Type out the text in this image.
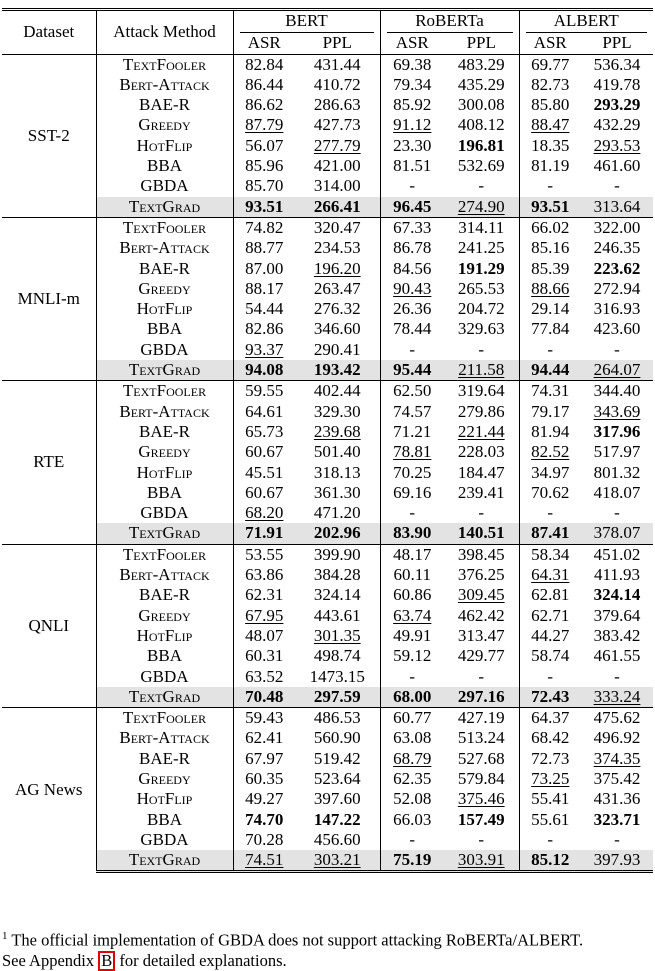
Dataset	Attack Method	BERT		RoBERTa		ALBERT	

		ASR	PPL	ASR	PPL	ASR	PPL
SST-2	TextFooler	82.84	431.44	69.38	483.29	69.77	536.34
	Bert-Attack	86.44	410.72	79.34	435.29	82.73	419.78
	BAE-R	86.62	286.63	85.92	300.08	85.80	293.29
	Greedy	87.79	427.73	91.12	408.12	88.47	432.29
	HotFlip	56.07	277.79	23.30	196.81	18.35	293.53
	BBA	85.96	421.00	81.51	532.69	81.19	461.60
	GBDA	85.70	314.00	-	-	-	-
	TextGrad	93.51	266.41	96.45	274.90	93.51	313.64
MNLI-m	TextFooler	74.82	320.47	67.33	314.11	66.02	322.00
	Bert-Attack	88.77	234.53	86.78	241.25	85.16	246.35
	BAE-R	87.00	196.20	84.56	191.29	85.39	223.62
	Greedy	88.17	263.47	90.43	265.53	88.66	272.94
	HotFlip	54.44	276.32	26.36	204.72	29.14	316.93
	BBA	82.86	346.60	78.44	329.63	77.84	423.60
	GBDA	93.37	290.41	-	-	-	-
	TextGrad	94.08	193.42	95.44	211.58	94.44	264.07
RTE	TextFooler	59.55	402.44	62.50	319.64	74.31	344.40
	Bert-Attack	64.61	329.30	74.57	279.86	79.17	343.69
	BAE-R	65.73	239.68	71.21	221.44	81.94	317.96
	Greedy	60.67	501.40	78.81	228.03	82.52	517.97
	HotFlip	45.51	318.13	70.25	184.47	34.97	801.32
	BBA	60.67	361.30	69.16	239.41	70.62	418.07
	GBDA	68.20	471.20	-	-	-	-
	TextGrad	71.91	202.96	83.90	140.51	87.41	378.07
QNLI	TextFooler	53.55	399.90	48.17	398.45	58.34	451.02
	Bert-Attack	63.86	384.28	60.11	376.25	64.31	411.93
	BAE-R	62.31	324.14	60.86	309.45	62.81	324.14
	Greedy	67.95	443.61	63.74	462.42	62.71	379.64
	HotFlip	48.07	301.35	49.91	313.47	44.27	383.42
	BBA	60.31	498.74	59.12	429.77	58.74	461.55
	GBDA	63.52	1473.15	-	-	-	-
	TextGrad	70.48	297.59	68.00	297.16	72.43	333.24
AG News	TextFooler	59.43	486.53	60.77	427.19	64.37	475.62
	Bert-Attack	62.41	560.90	63.08	513.24	68.42	496.92
	BAE-R	67.97	519.42	68.79	527.68	72.73	374.35
	Greedy	60.35	523.64	62.35	579.84	73.25	375.42
	HotFlip	49.27	397.60	52.08	375.46	55.41	431.36
	BBA	74.70	147.22	66.03	157.49	55.61	323.71
	GBDA	70.28	456.60	-	-	-	-
	TextGrad	74.51	303.21	75.19	303.91	85.12	397.93
$^1$ The official implementation of GBDA does not support attacking RoBERTa/ALBERT.
See Appendix B for detailed explanations.
